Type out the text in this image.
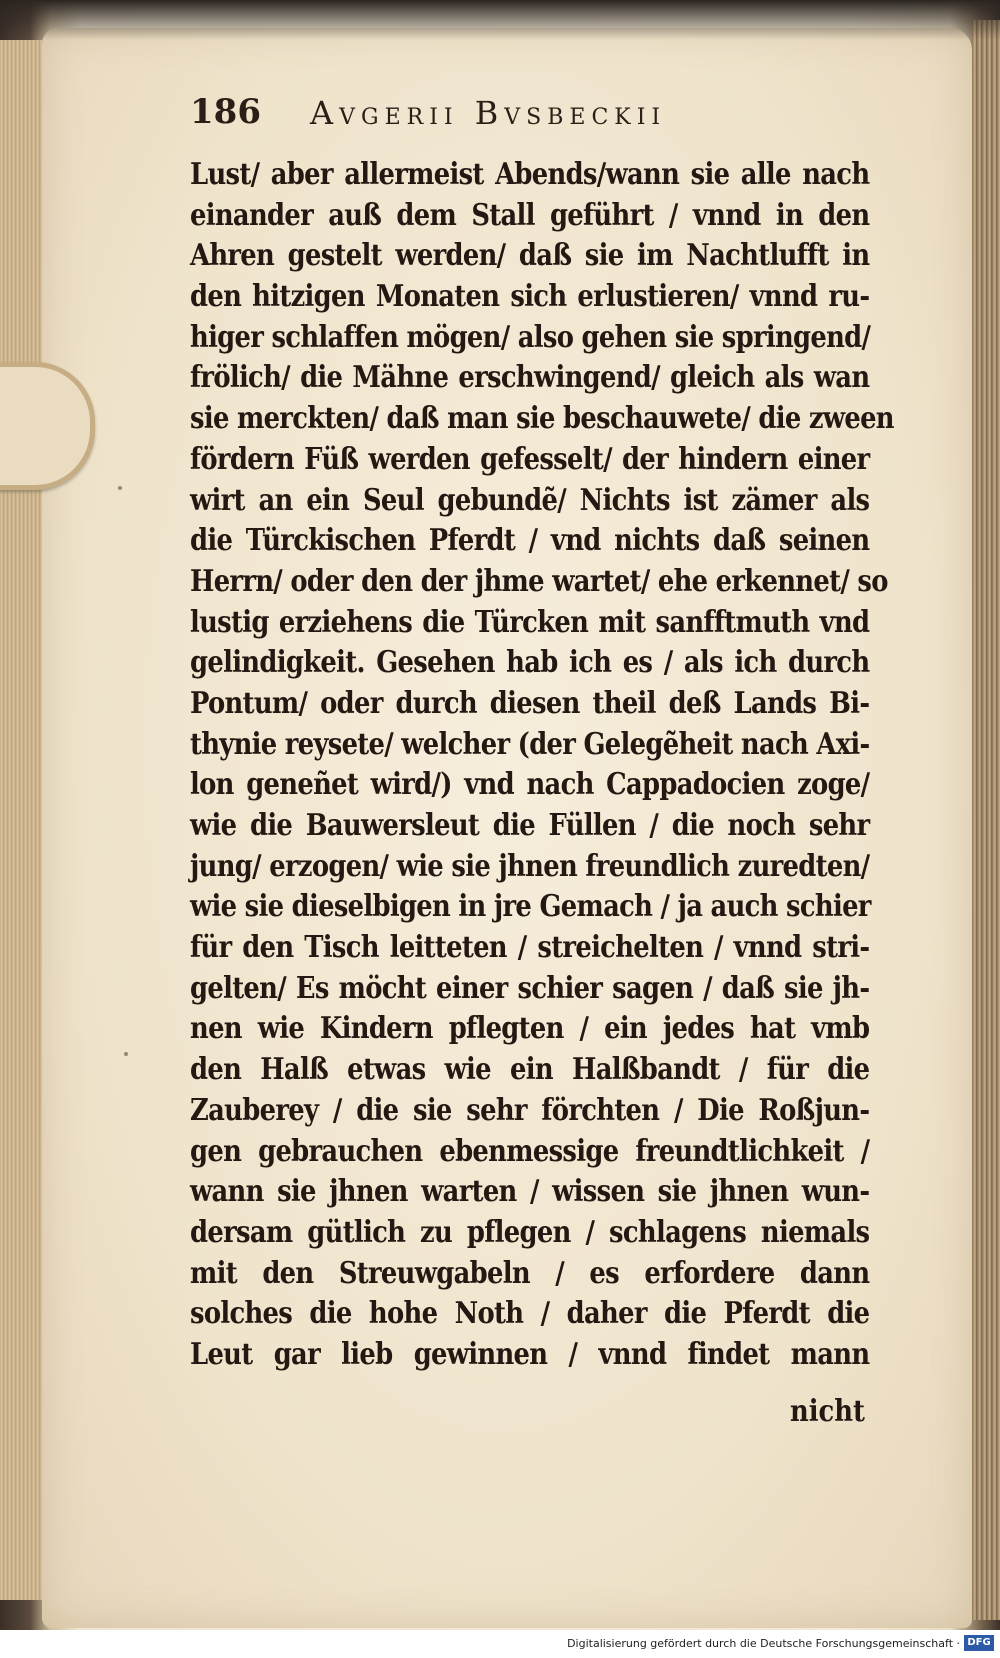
186 Avgerii Bvsbeckii
Lust/ aber allermeist Abends/wann sie alle nach
einander auß dem Stall geführt / vnnd in den
Ahren gestelt werden/ daß sie im Nachtlufft in
den hitzigen Monaten sich erlustieren/ vnnd ru-
higer schlaffen mögen/ also gehen sie springend/
frölich/ die Mähne erschwingend/ gleich als wan
sie merckten/ daß man sie beschauwete/ die zween
fördern Füß werden gefesselt/ der hindern einer
wirt an ein Seul gebundẽ/ Nichts ist zämer als
die Türckischen Pferdt / vnd nichts daß seinen
Herrn/ oder den der jhme wartet/ ehe erkennet/ so
lustig erziehens die Türcken mit sanfftmuth vnd
gelindigkeit. Gesehen hab ich es / als ich durch
Pontum/ oder durch diesen theil deß Lands Bi-
thynie reysete/ welcher (der Gelegẽheit nach Axi-
lon geneñet wird/) vnd nach Cappadocien zoge/
wie die Bauwersleut die Füllen / die noch sehr
jung/ erzogen/ wie sie jhnen freundlich zuredten/
wie sie dieselbigen in jre Gemach / ja auch schier
für den Tisch leitteten / streichelten / vnnd stri-
gelten/ Es möcht einer schier sagen / daß sie jh-
nen wie Kindern pflegten / ein jedes hat vmb
den Halß etwas wie ein Halßbandt / für die
Zauberey / die sie sehr förchten / Die Roßjun-
gen gebrauchen ebenmessige freundtlichkeit /
wann sie jhnen warten / wissen sie jhnen wun-
dersam gütlich zu pflegen / schlagens niemals
mit den Streuwgabeln / es erfordere dann
solches die hohe Noth / daher die Pferdt die
Leut gar lieb gewinnen / vnnd findet mann
nicht
Digitalisierung gefördert durch die Deutsche Forschungsgemeinschaft · DFG
